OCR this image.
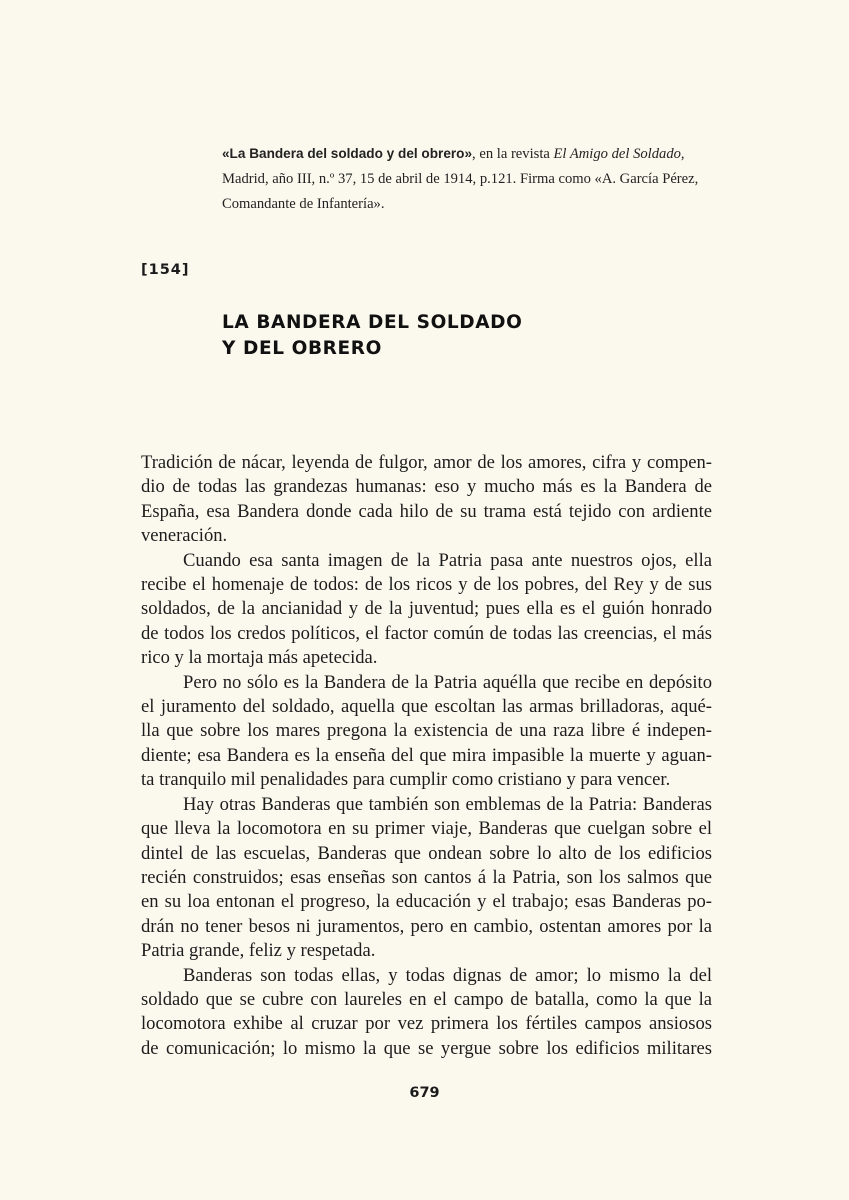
«La Bandera del soldado y del obrero», en la revista El Amigo del Soldado,
Madrid, año III, n.º 37, 15 de abril de 1914, p.121. Firma como «A. García Pérez,
Comandante de Infantería».
[154]
LA BANDERA DEL SOLDADO
Y DEL OBRERO

Tradición de nácar, leyenda de fulgor, amor de los amores, cifra y compen-
dio de todas las grandezas humanas: eso y mucho más es la Bandera de
España, esa Bandera donde cada hilo de su trama está tejido con ardiente
veneración.

Cuando esa santa imagen de la Patria pasa ante nuestros ojos, ella
recibe el homenaje de todos: de los ricos y de los pobres, del Rey y de sus
soldados, de la ancianidad y de la juventud; pues ella es el guión honrado
de todos los credos políticos, el factor común de todas las creencias, el más
rico y la mortaja más apetecida.

Pero no sólo es la Bandera de la Patria aquélla que recibe en depósito
el juramento del soldado, aquella que escoltan las armas brilladoras, aqué-
lla que sobre los mares pregona la existencia de una raza libre é indepen-
diente; esa Bandera es la enseña del que mira impasible la muerte y aguan-
ta tranquilo mil penalidades para cumplir como cristiano y para vencer.

Hay otras Banderas que también son emblemas de la Patria: Banderas
que lleva la locomotora en su primer viaje, Banderas que cuelgan sobre el
dintel de las escuelas, Banderas que ondean sobre lo alto de los edificios
recién construidos; esas enseñas son cantos á la Patria, son los salmos que
en su loa entonan el progreso, la educación y el trabajo; esas Banderas po-
drán no tener besos ni juramentos, pero en cambio, ostentan amores por la
Patria grande, feliz y respetada.

Banderas son todas ellas, y todas dignas de amor; lo mismo la del
soldado que se cubre con laureles en el campo de batalla, como la que la
locomotora exhibe al cruzar por vez primera los fértiles campos ansiosos
de comunicación; lo mismo la que se yergue sobre los edificios militares

679
